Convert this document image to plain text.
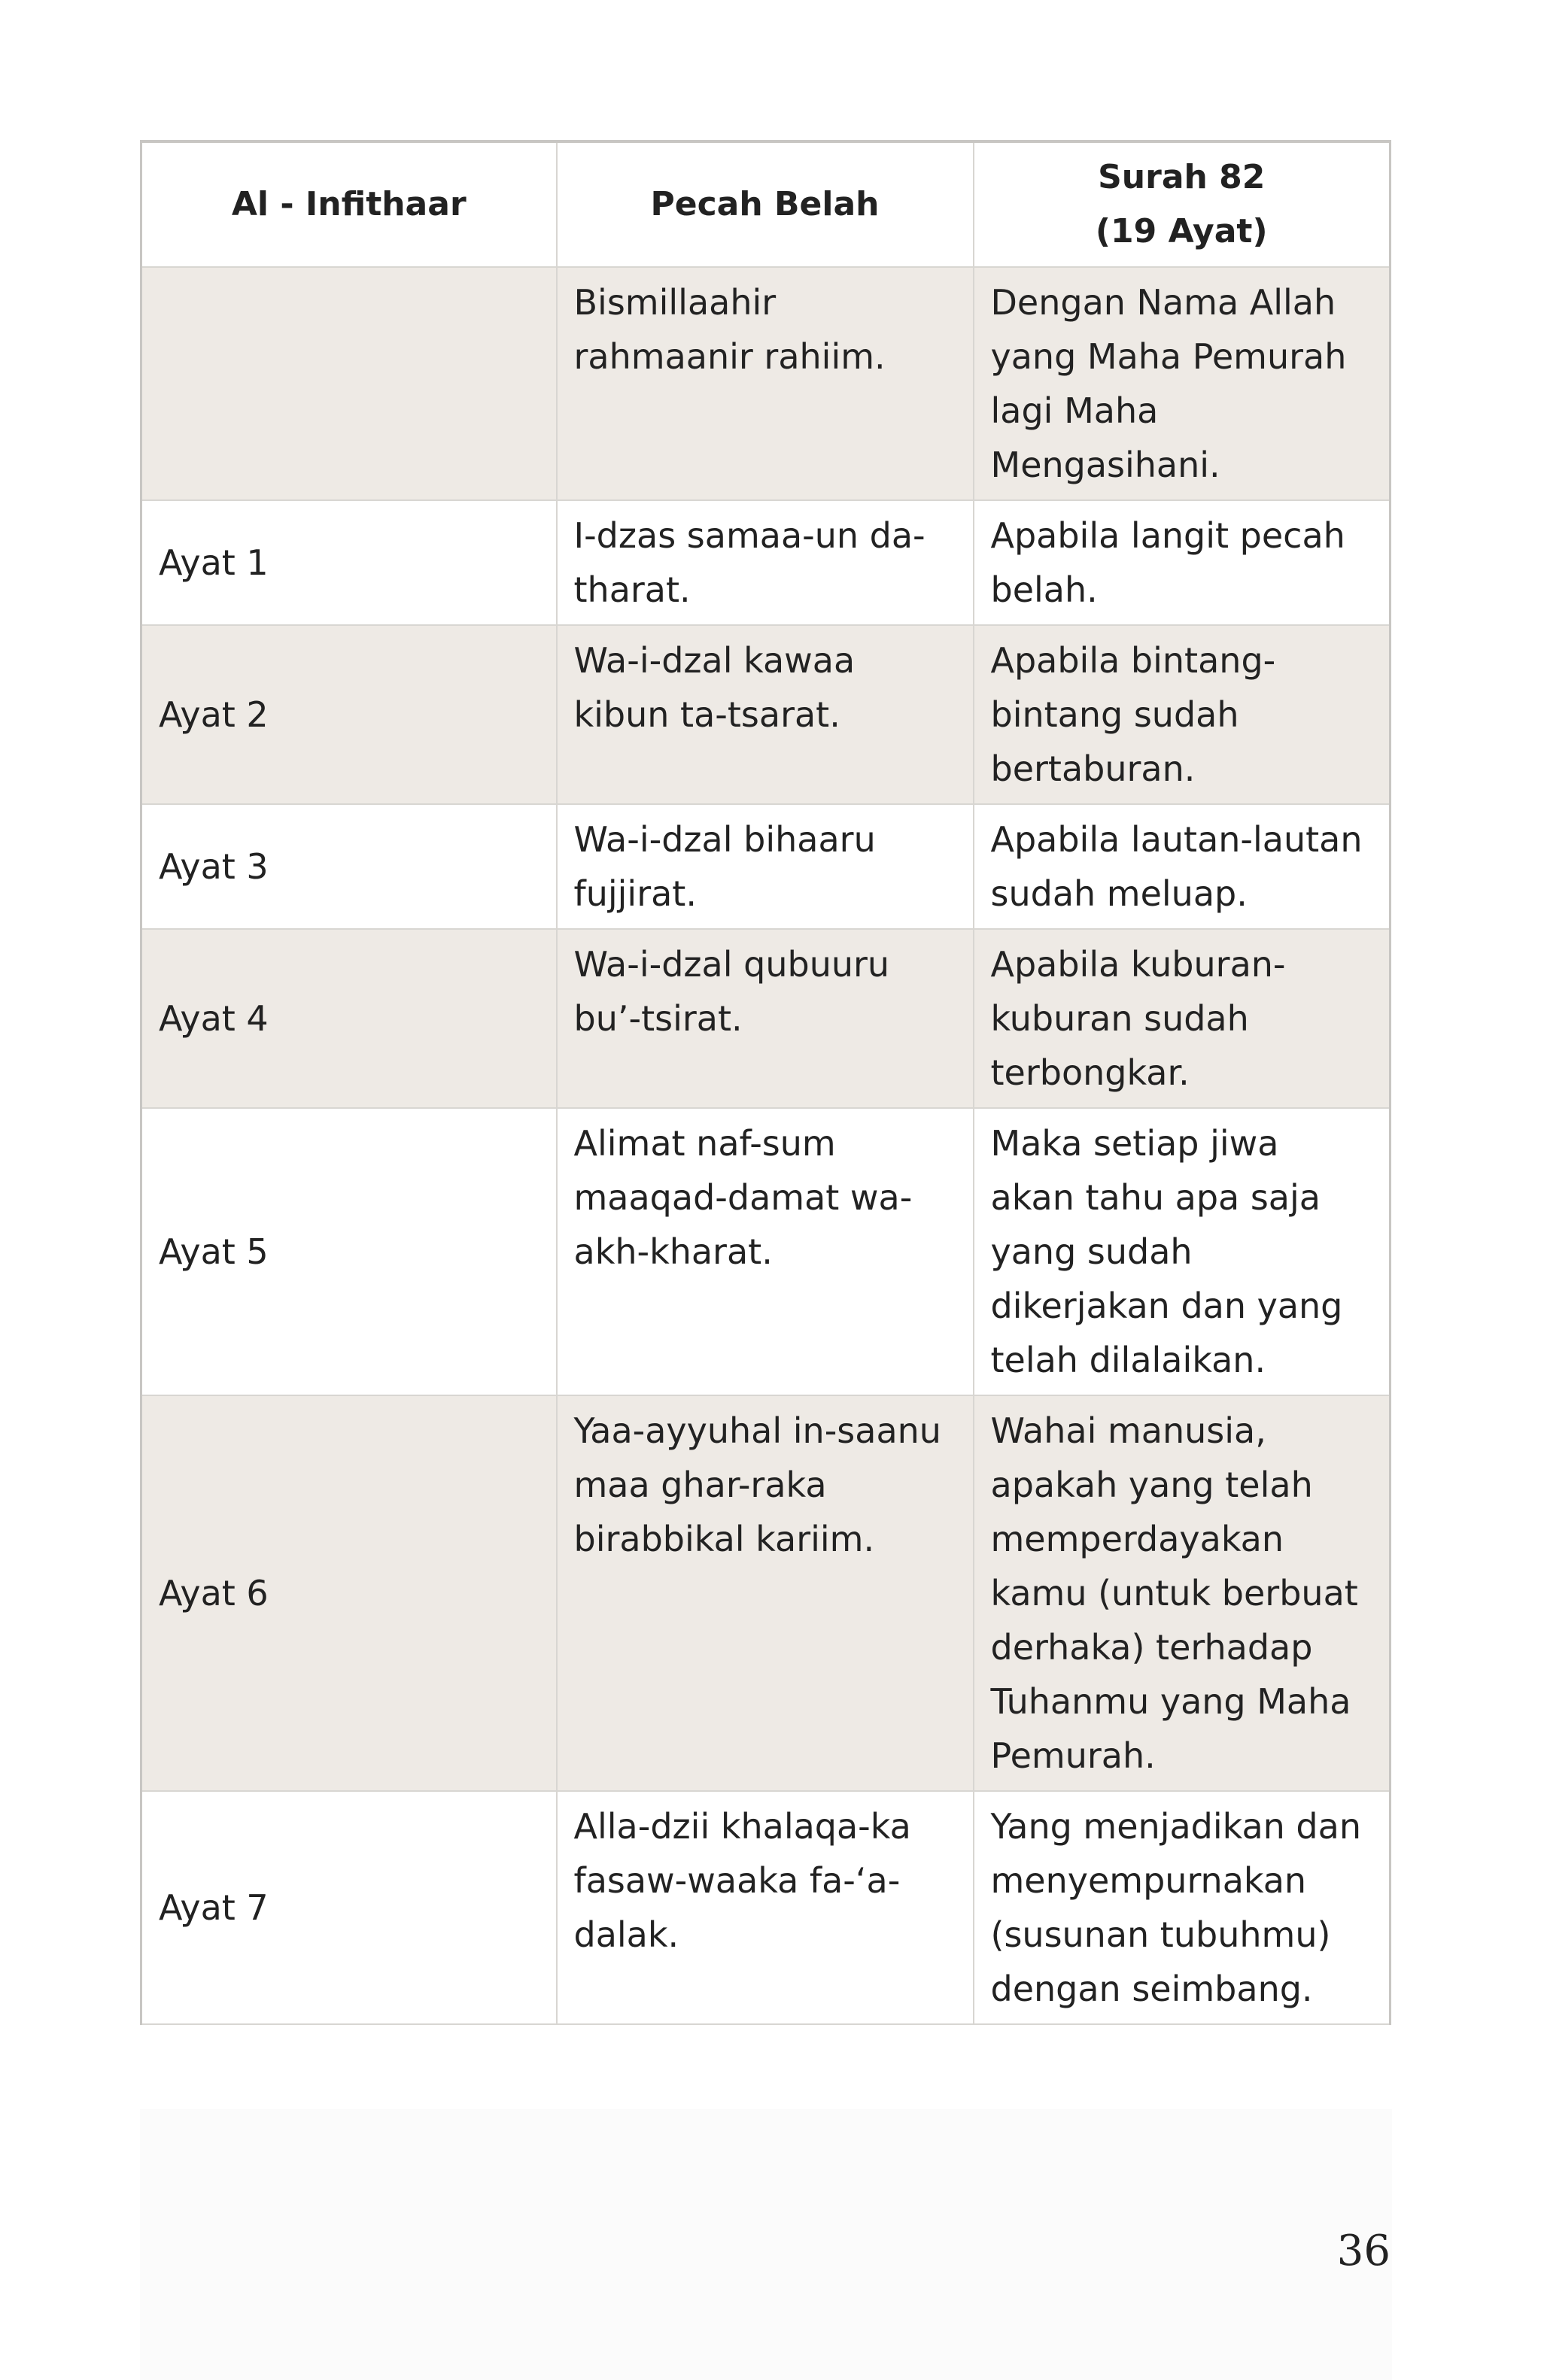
Al - Infithaar	Pecah Belah	Surah 82
(19 Ayat)

	Bismillaahir rahmaanir rahiim.	Dengan Nama Allah yang Maha Pemurah lagi Maha Mengasihani.
Ayat 1	I-dzas samaa-un da-tharat.	Apabila langit pecah belah.
Ayat 2	Wa-i-dzal kawaa kibun ta-tsarat.	Apabila bintang-bintang sudah bertaburan.
Ayat 3	Wa-i-dzal bihaaru fujjirat.	Apabila lautan-lautan sudah meluap.
Ayat 4	Wa-i-dzal qubuuru bu’-tsirat.	Apabila kuburan-kuburan sudah terbongkar.
Ayat 5	Alimat naf-sum maaqad-damat wa-akh-kharat.	Maka setiap jiwa akan tahu apa saja yang sudah dikerjakan dan yang telah dilalaikan.
Ayat 6	Yaa-ayyuhal in-saanu maa ghar-raka birabbikal kariim.	Wahai manusia, apakah yang telah memperdayakan kamu (untuk berbuat derhaka) terhadap Tuhanmu yang Maha Pemurah.
Ayat 7	Alla-dzii khalaqa-ka fasaw-waaka fa-‘a-dalak.	Yang menjadikan dan menyempurnakan (susunan tubuhmu) dengan seimbang.
36
